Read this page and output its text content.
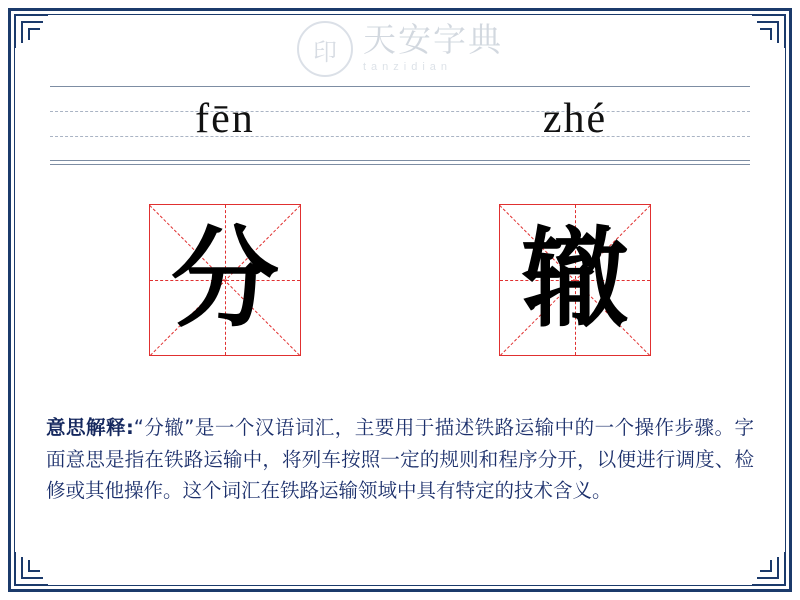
印 天安字典
tanzidian
fēn	zhé
分 辙
意思解释:“分辙”是一个汉语词汇，主要用于描述铁路运输中的一个操作步骤。字面意思是指在铁路运输中，将列车按照一定的规则和程序分开，以便进行调度、检修或其他操作。这个词汇在铁路运输领域中具有特定的技术含义。
